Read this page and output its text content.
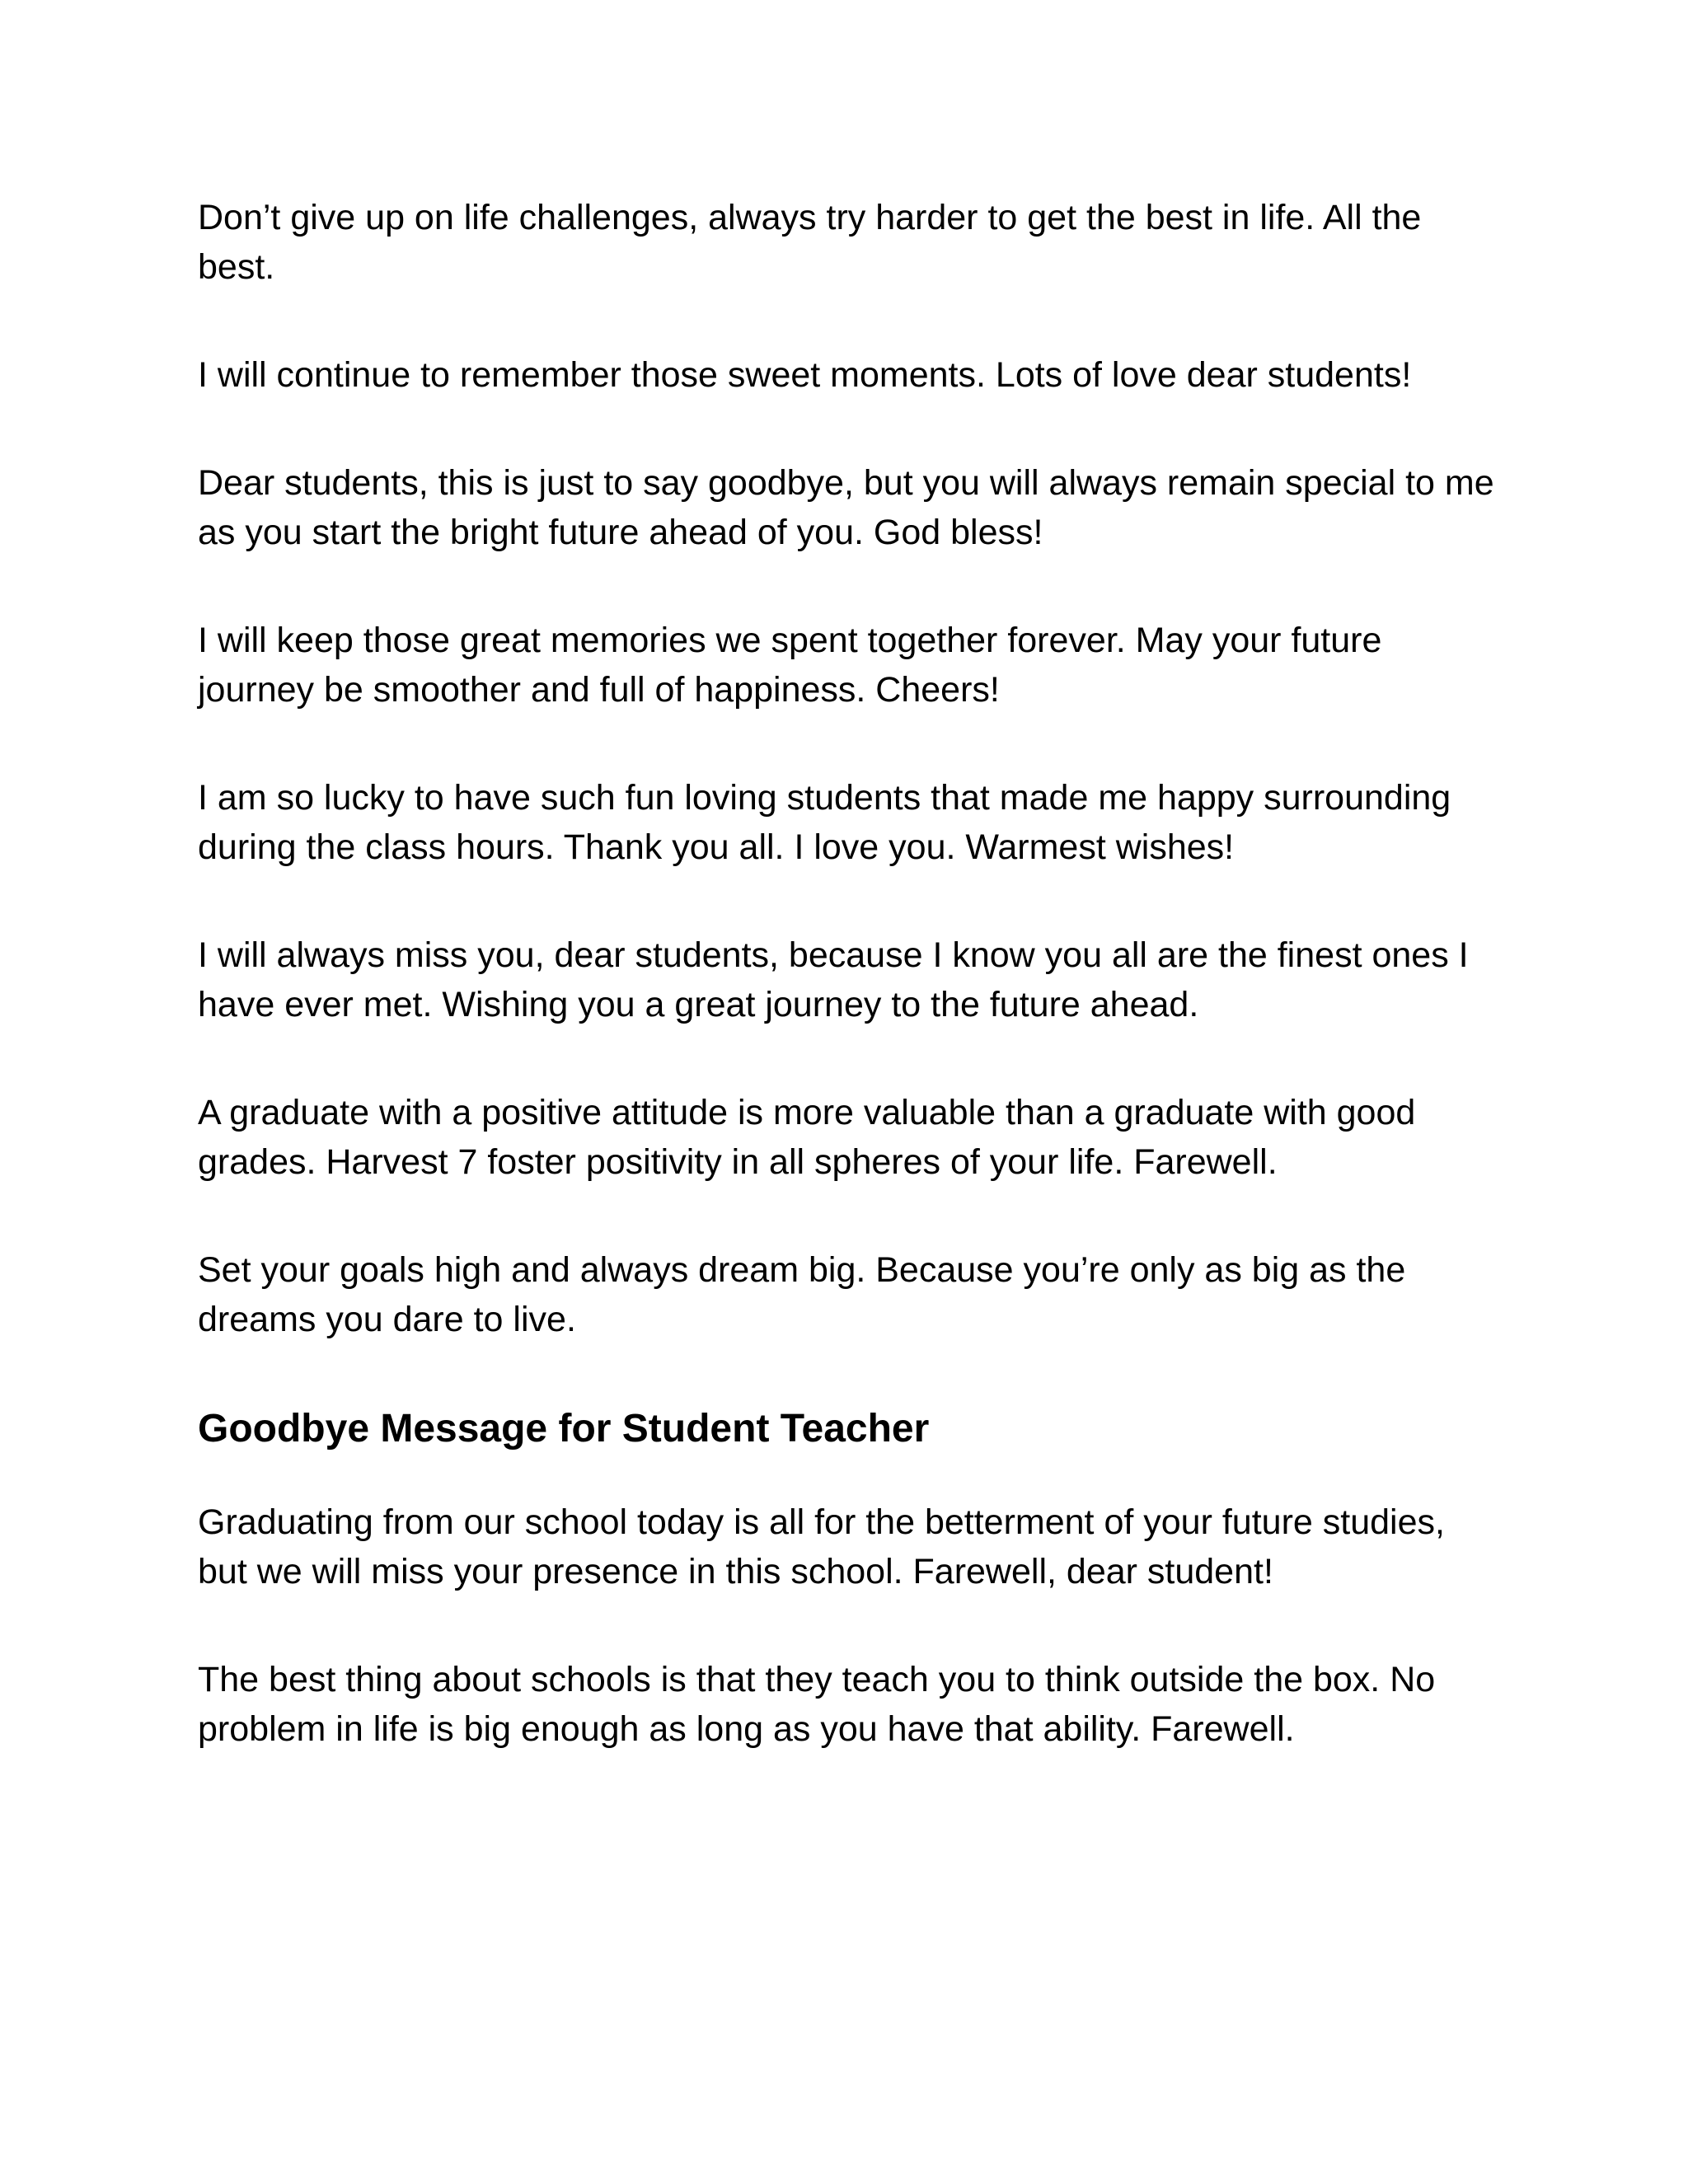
Don’t give up on life challenges, always try harder to get the best in life. All the best.

I will continue to remember those sweet moments. Lots of love dear students!

Dear students, this is just to say goodbye, but you will always remain special to me as you start the bright future ahead of you. God bless!

I will keep those great memories we spent together forever. May your future journey be smoother and full of happiness. Cheers!

I am so lucky to have such fun loving students that made me happy surrounding during the class hours. Thank you all. I love you. Warmest wishes!

I will always miss you, dear students, because I know you all are the finest ones I have ever met. Wishing you a great journey to the future ahead.

A graduate with a positive attitude is more valuable than a graduate with good grades. Harvest 7 foster positivity in all spheres of your life. Farewell.

Set your goals high and always dream big. Because you’re only as big as the dreams you dare to live.

Goodbye Message for Student Teacher

Graduating from our school today is all for the betterment of your future studies, but we will miss your presence in this school. Farewell, dear student!

The best thing about schools is that they teach you to think outside the box. No problem in life is big enough as long as you have that ability. Farewell.
